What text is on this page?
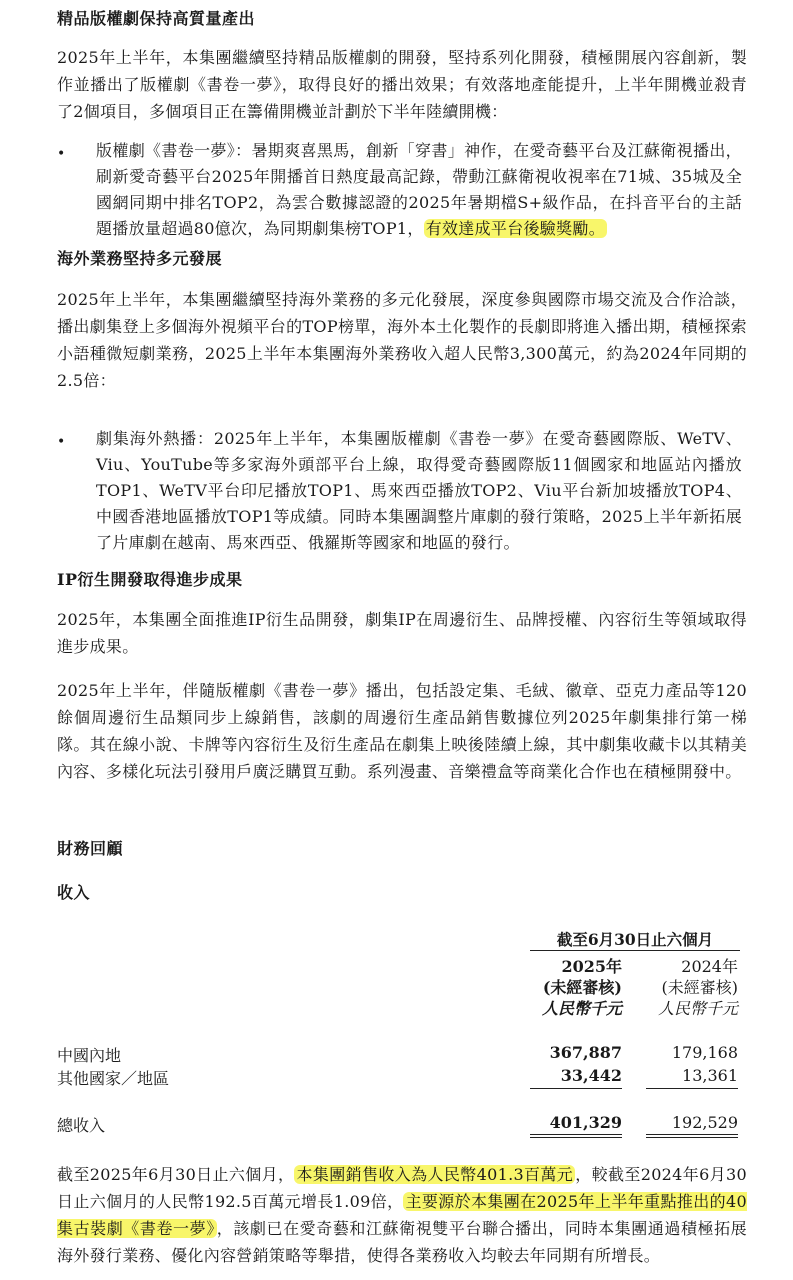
精品版權劇保持高質量產出
2025年上半年，本集團繼續堅持精品版權劇的開發，堅持系列化開發，積極開展內容創新，製作並播出了版權劇《書卷一夢》，取得良好的播出效果；有效落地產能提升，上半年開機並殺青了2個項目，多個項目正在籌備開機並計劃於下半年陸續開機：
• 版權劇《書卷一夢》：暑期爽喜黑馬，創新「穿書」神作，在愛奇藝平台及江蘇衛視播出，刷新愛奇藝平台2025年開播首日熱度最高記錄，帶動江蘇衛視收視率在71城、35城及全國網同期中排名TOP2，為雲合數據認證的2025年暑期檔S+級作品，在抖音平台的主話題播放量超過80億次，為同期劇集榜TOP1， 有效達成平台後驗獎勵。
海外業務堅持多元發展
2025年上半年，本集團繼續堅持海外業務的多元化發展，深度參與國際市場交流及合作洽談，播出劇集登上多個海外視頻平台的TOP榜單，海外本土化製作的長劇即將進入播出期，積極探索小語種微短劇業務，2025上半年本集團海外業務收入超人民幣3,300萬元，約為2024年同期的2.5倍：
• 劇集海外熱播：2025年上半年，本集團版權劇《書卷一夢》在愛奇藝國際版、WeTV、Viu、YouTube等多家海外頭部平台上線，取得愛奇藝國際版11個國家和地區站內播放TOP1、WeTV平台印尼播放TOP1、馬來西亞播放TOP2、Viu平台新加坡播放TOP4、中國香港地區播放TOP1等成績。同時本集團調整片庫劇的發行策略，2025上半年新拓展了片庫劇在越南、馬來西亞、俄羅斯等國家和地區的發行。
IP衍生開發取得進步成果
2025年，本集團全面推進IP衍生品開發，劇集IP在周邊衍生、品牌授權、內容衍生等領域取得進步成果。
2025年上半年，伴隨版權劇《書卷一夢》播出，包括設定集、毛絨、徽章、亞克力產品等120餘個周邊衍生品類同步上線銷售，該劇的周邊衍生產品銷售數據位列2025年劇集排行第一梯隊。其在線小說、卡牌等內容衍生及衍生產品在劇集上映後陸續上線，其中劇集收藏卡以其精美內容、多樣化玩法引發用戶廣泛購買互動。系列漫畫、音樂禮盒等商業化合作也在積極開發中。
財務回顧
收入
截至6月30日止六個月
2025年	2024年
(未經審核)	(未經審核)
人民幣千元	人民幣千元
中國內地	367,887	179,168
其他國家／地區	33,442	13,361
總收入	401,329	192,529
截至2025年6月30日止六個月， 本集團銷售收入為人民幣401.3百萬元 ，較截至2024年6月30日止六個月的人民幣192.5百萬元增長1.09倍， 主要源於本集團在2025年上半年重點推出的40集古裝劇《書卷一夢》 ，該劇已在愛奇藝和江蘇衛視雙平台聯合播出，同時本集團通過積極拓展海外發行業務、優化內容營銷策略等舉措，使得各業務收入均較去年同期有所增長。
